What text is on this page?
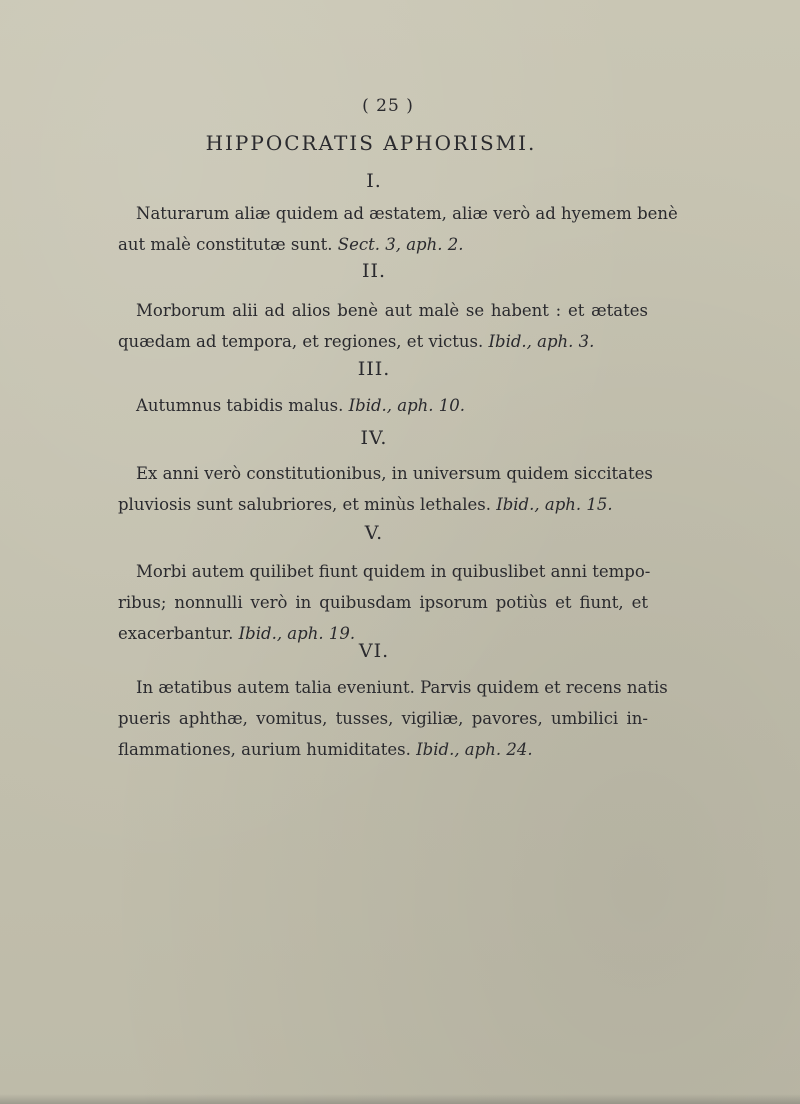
( 25 )
HIPPOCRATIS APHORISMI.
I.
Naturarum aliæ quidem ad æstatem, aliæ verò ad hyemem benè
aut malè constitutæ sunt. Sect. 3, aph. 2.
II.
Morborum alii ad alios benè aut malè se habent : et ætates
quædam ad tempora, et regiones, et victus. Ibid., aph. 3.
III.
Autumnus tabidis malus. Ibid., aph. 10.
IV.
Ex anni verò constitutionibus, in universum quidem siccitates
pluviosis sunt salubriores, et minùs lethales. Ibid., aph. 15.
V.
Morbi autem quilibet fiunt quidem in quibuslibet anni tempo-
ribus; nonnulli verò in quibusdam ipsorum potiùs et fiunt, et
exacerbantur. Ibid., aph. 19.
VI.
In ætatibus autem talia eveniunt. Parvis quidem et recens natis
pueris aphthæ, vomitus, tusses, vigiliæ, pavores, umbilici in-
flammationes, aurium humiditates. Ibid., aph. 24.
